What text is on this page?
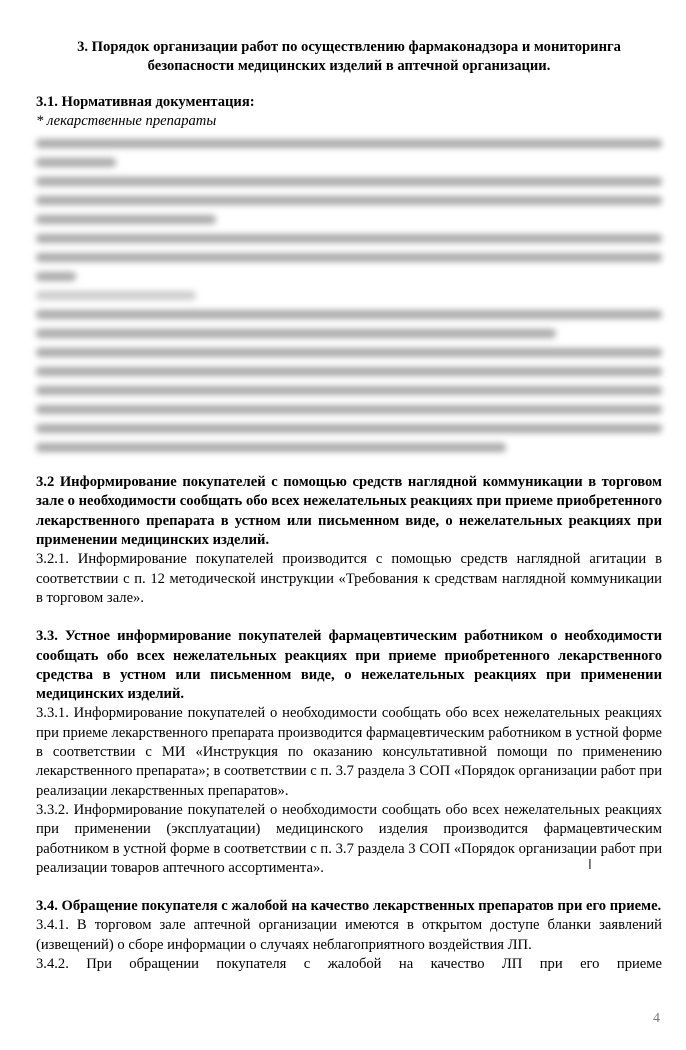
3. Порядок организации работ по осуществлению фармаконадзора и мониторинга безопасности медицинских изделий в аптечной организации.

3.1. Нормативная документация:

* лекарственные препараты

3.2 Информирование покупателей с помощью средств наглядной коммуникации в торговом зале о необходимости сообщать обо всех нежелательных реакциях при приеме приобретенного лекарственного препарата в устном или письменном виде, о нежелательных реакциях при применении медицинских изделий.

3.2.1. Информирование покупателей производится с помощью средств наглядной агитации в соответствии с п. 12 методической инструкции «Требования к средствам наглядной коммуникации в торговом зале».

3.3. Устное информирование покупателей фармацевтическим работником о необходимости сообщать обо всех нежелательных реакциях при приеме приобретенного лекарственного средства в устном или письменном виде, о нежелательных реакциях при применении медицинских изделий.

3.3.1. Информирование покупателей о необходимости сообщать обо всех нежелательных реакциях при приеме лекарственного препарата производится фармацевтическим работником в устной форме в соответствии с МИ «Инструкция по оказанию консультативной помощи по применению лекарственного препарата»; в соответствии с п. 3.7 раздела 3 СОП «Порядок организации работ при реализации лекарственных препаратов».

3.3.2. Информирование покупателей о необходимости сообщать обо всех нежелательных реакциях при применении (эксплуатации) медицинского изделия производится фармацевтическим работником в устной форме в соответствии с п. 3.7 раздела 3 СОП «Порядок организации работ при реализации товаров аптечного ассортимента».

3.4. Обращение покупателя с жалобой на качество лекарственных препаратов при его приеме.

3.4.1. В торговом зале аптечной организации имеются в открытом доступе бланки заявлений (извещений) о сборе информации о случаях неблагоприятного воздействия ЛП.

3.4.2. При обращении покупателя с жалобой на качество ЛП при его приеме

I
4
